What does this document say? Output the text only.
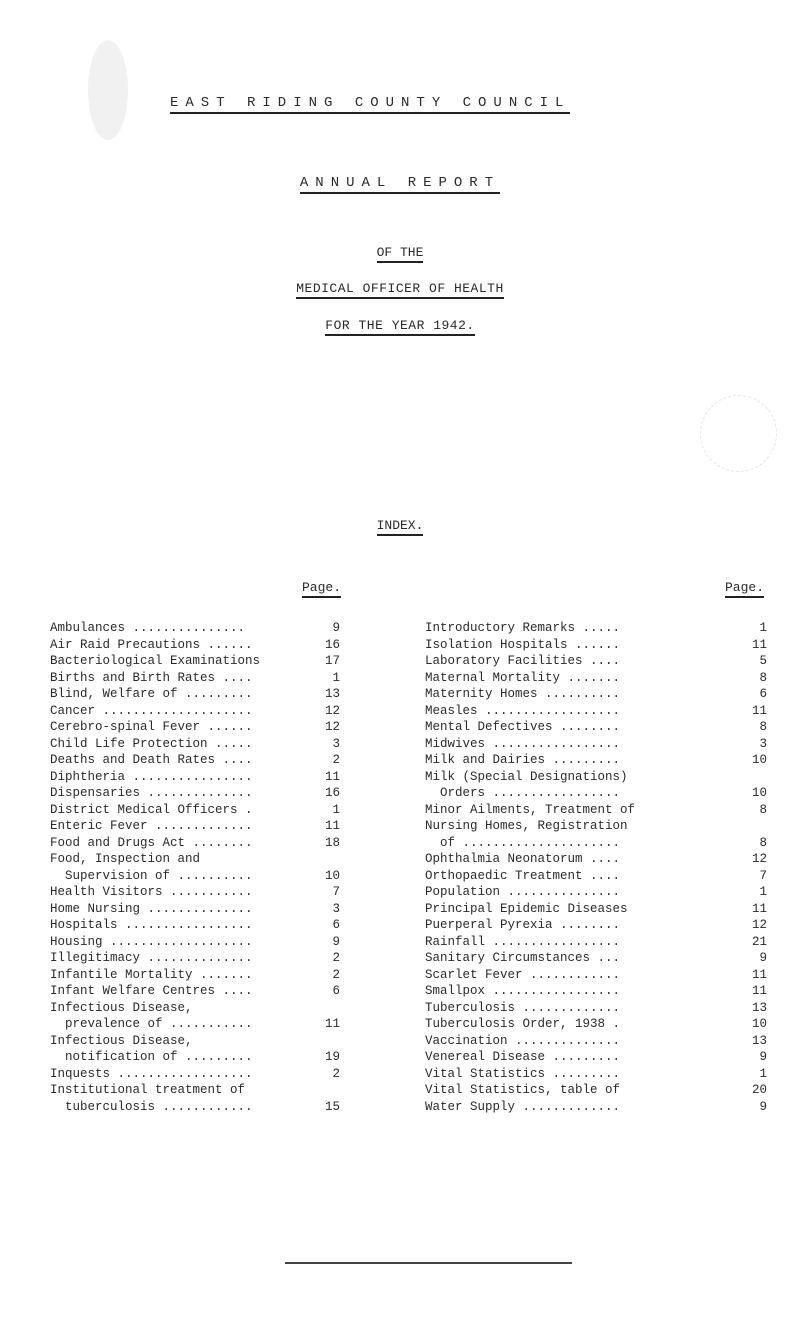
EAST RIDING COUNTY COUNCIL
ANNUAL REPORT
OF THE
MEDICAL OFFICER OF HEALTH
FOR THE YEAR 1942.
INDEX.
Page.	Page.
Ambulances ...............	9
Air Raid Precautions ......	16
Bacteriological Examinations	17
Births and Birth Rates ....	1
Blind, Welfare of .........	13
Cancer ....................	12
Cerebro-spinal Fever ......	12
Child Life Protection .....	3
Deaths and Death Rates ....	2
Diphtheria ................	11
Dispensaries ..............	16
District Medical Officers .	1
Enteric Fever .............	11
Food and Drugs Act ........	18
Food, Inspection and
Supervision of ..........	10
Health Visitors ...........	7
Home Nursing ..............	3
Hospitals .................	6
Housing ...................	9
Illegitimacy ..............	2
Infantile Mortality .......	2
Infant Welfare Centres ....	6
Infectious Disease,
prevalence of ...........	11
Infectious Disease,
notification of .........	19
Inquests ..................	2
Institutional treatment of
tuberculosis ............	15
Introductory Remarks .....	1
Isolation Hospitals ......	11
Laboratory Facilities ....	5
Maternal Mortality .......	8
Maternity Homes ..........	6
Measles ..................	11
Mental Defectives ........	8
Midwives .................	3
Milk and Dairies .........	10
Milk (Special Designations)
Orders .................	10
Minor Ailments, Treatment of	8
Nursing Homes, Registration
of .....................	8
Ophthalmia Neonatorum ....	12
Orthopaedic Treatment ....	7
Population ...............	1
Principal Epidemic Diseases	11
Puerperal Pyrexia ........	12
Rainfall .................	21
Sanitary Circumstances ...	9
Scarlet Fever ............	11
Smallpox .................	11
Tuberculosis .............	13
Tuberculosis Order, 1938 .	10
Vaccination ..............	13
Venereal Disease .........	9
Vital Statistics .........	1
Vital Statistics, table of	20
Water Supply .............	9
